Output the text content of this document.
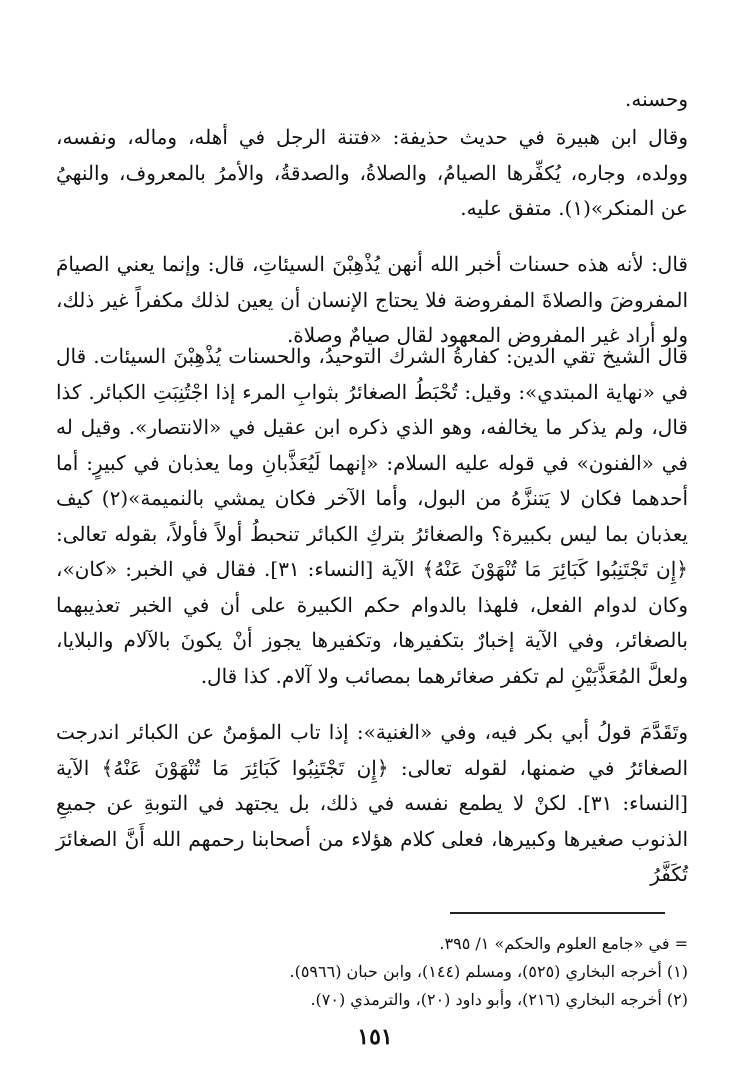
وحسنه.

وقال ابن هبيرة في حديث حذيفة: «فتنة الرجل في أهله، وماله، ونفسه، وولده، وجاره، يُكفِّرها الصيامُ، والصلاةُ، والصدقةُ، والأمرُ بالمعروف، والنهيُ عن المنكر»(١). متفق عليه.

قال: لأنه هذه حسنات أخبر الله أنهن يُذْهِبْنَ السيئاتِ، قال: وإنما يعني الصيامَ المفروضَ والصلاةَ المفروضة فلا يحتاج الإنسان أن يعين لذلك مكفراً غير ذلك، ولو أراد غير المفروض المعهود لقال صيامٌ وصلاة.

قال الشيخ تقي الدين: كفارةُ الشرك التوحيدُ، والحسنات يُذْهِبْنَ السيئات. قال في «نهاية المبتدي»: وقيل: تُحْبَطُ الصغائرُ بثوابِ المرء إذا اجْتُنِبَتِ الكبائر. كذا قال، ولم يذكر ما يخالفه، وهو الذي ذكره ابن عقيل في «الانتصار». وقيل له في «الفنون» في قوله عليه السلام: «إنهما لَيُعَذَّبانِ وما يعذبان في كبيرٍ: أما أحدهما فكان لا يَتنزَّهُ من البول، وأما الآخر فكان يمشي بالنميمة»(٢) كيف يعذبان بما ليس بكبيرة؟ والصغائرُ بتركِ الكبائر تنحبطُ أولاً فأولاً، بقوله تعالى: ﴿إِن تَجْتَنِبُوا كَبَائِرَ مَا تُنْهَوْنَ عَنْهُ﴾ الآية [النساء: ٣١]. فقال في الخبر: «كان»، وكان لدوام الفعل، فلهذا بالدوام حكم الكبيرة على أن في الخبر تعذيبهما بالصغائر، وفي الآية إخبارٌ بتكفيرها، وتكفيرها يجوز أنْ يكونَ بالآلام والبلايا، ولعلَّ المُعَذَّبَيْنِ لم تكفر صغائرهما بمصائب ولا آلام. كذا قال.

وتَقَدَّمَ قولُ أبي بكر فيه، وفي «الغنية»: إذا تاب المؤمنُ عن الكبائر اندرجت الصغائرُ في ضمنها، لقوله تعالى: ﴿إِن تَجْتَنِبُوا كَبَائِرَ مَا تُنْهَوْنَ عَنْهُ﴾ الآية [النساء: ٣١]. لكنْ لا يطمع نفسه في ذلك، بل يجتهد في التوبةِ عن جميعِ الذنوب صغيرها وكبيرها، فعلى كلام هؤلاء من أصحابنا رحمهم الله أَنَّ الصغائرَ تُكَفَّرُ

= في «جامع العلوم والحكم» ١/ ٣٩٥.
(١) أخرجه البخاري (٥٢٥)، ومسلم (١٤٤)، وابن حبان (٥٩٦٦).
(٢) أخرجه البخاري (٢١٦)، وأبو داود (٢٠)، والترمذي (٧٠).
١٥١
